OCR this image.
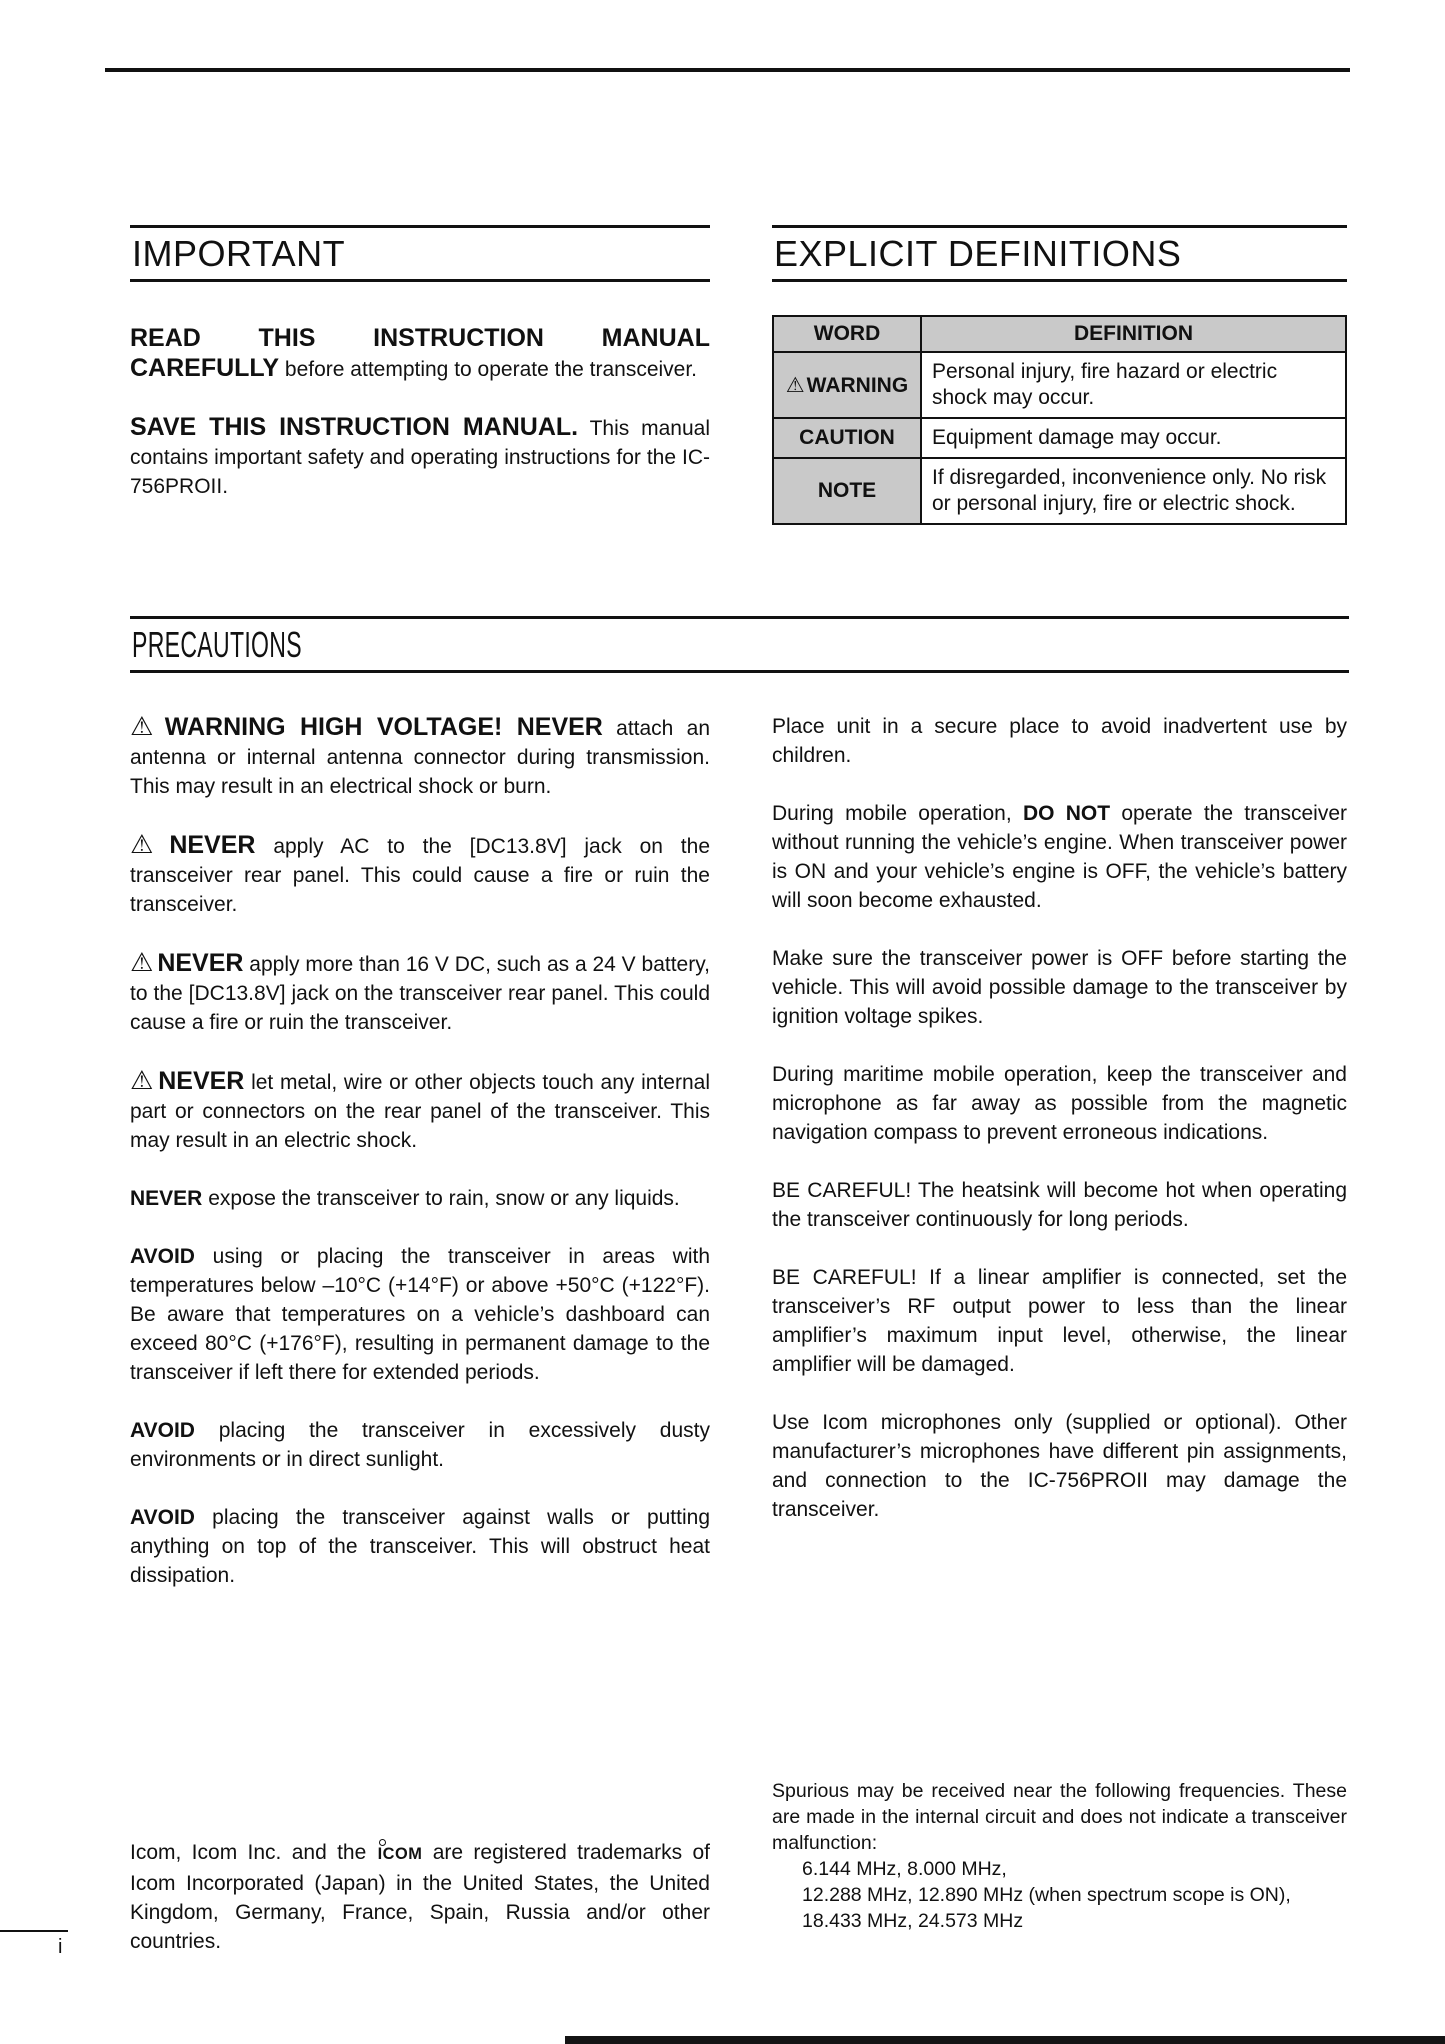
IMPORTANT

READ THIS INSTRUCTION MANUAL CAREFULLY before attempting to operate the transceiver.

SAVE THIS INSTRUCTION MANUAL. This manual contains important safety and operating instructions for the IC-756PROII.

EXPLICIT DEFINITIONS
WORD	DEFINITION
⚠WARNING	Personal injury, fire hazard or electric shock may occur.
CAUTION	Equipment damage may occur.
NOTE	If disregarded, inconvenience only. No risk or personal injury, fire or electric shock.
PRECAUTIONS

⚠ WARNING HIGH VOLTAGE! NEVER attach an antenna or internal antenna connector during transmission. This may result in an electrical shock or burn.

⚠ NEVER apply AC to the [DC13.8V] jack on the transceiver rear panel. This could cause a fire or ruin the transceiver.

⚠ NEVER apply more than 16 V DC, such as a 24 V battery, to the [DC13.8V] jack on the transceiver rear panel. This could cause a fire or ruin the transceiver.

⚠ NEVER let metal, wire or other objects touch any internal part or connectors on the rear panel of the transceiver. This may result in an electric shock.

NEVER expose the transceiver to rain, snow or any liquids.

AVOID using or placing the transceiver in areas with temperatures below –10°C (+14°F) or above +50°C (+122°F). Be aware that temperatures on a vehicle’s dashboard can exceed 80°C (+176°F), resulting in permanent damage to the transceiver if left there for extended periods.

AVOID placing the transceiver in excessively dusty environments or in direct sunlight.

AVOID placing the transceiver against walls or putting anything on top of the transceiver. This will obstruct heat dissipation.

Place unit in a secure place to avoid inadvertent use by children.

During mobile operation, DO NOT operate the transceiver without running the vehicle’s engine. When transceiver power is ON and your vehicle’s engine is OFF, the vehicle’s battery will soon become exhausted.

Make sure the transceiver power is OFF before starting the vehicle. This will avoid possible damage to the transceiver by ignition voltage spikes.

During maritime mobile operation, keep the transceiver and microphone as far away as possible from the magnetic navigation compass to prevent erroneous indications.

BE CAREFUL! The heatsink will become hot when operating the transceiver continuously for long periods.

BE CAREFUL! If a linear amplifier is connected, set the transceiver’s RF output power to less than the linear amplifier’s maximum input level, otherwise, the linear amplifier will be damaged.

Use Icom microphones only (supplied or optional). Other manufacturer’s microphones have different pin assignments, and connection to the IC-756PROII may damage the transceiver.

Icom, Icom Inc. and the ICOM are registered trademarks of Icom Incorporated (Japan) in the United States, the United Kingdom, Germany, France, Spain, Russia and/or other countries.

Spurious may be received near the following frequencies. These are made in the internal circuit and does not indicate a transceiver malfunction:

6.144 MHz, 8.000 MHz,
12.288 MHz, 12.890 MHz (when spectrum scope is ON),
18.433 MHz, 24.573 MHz
i
